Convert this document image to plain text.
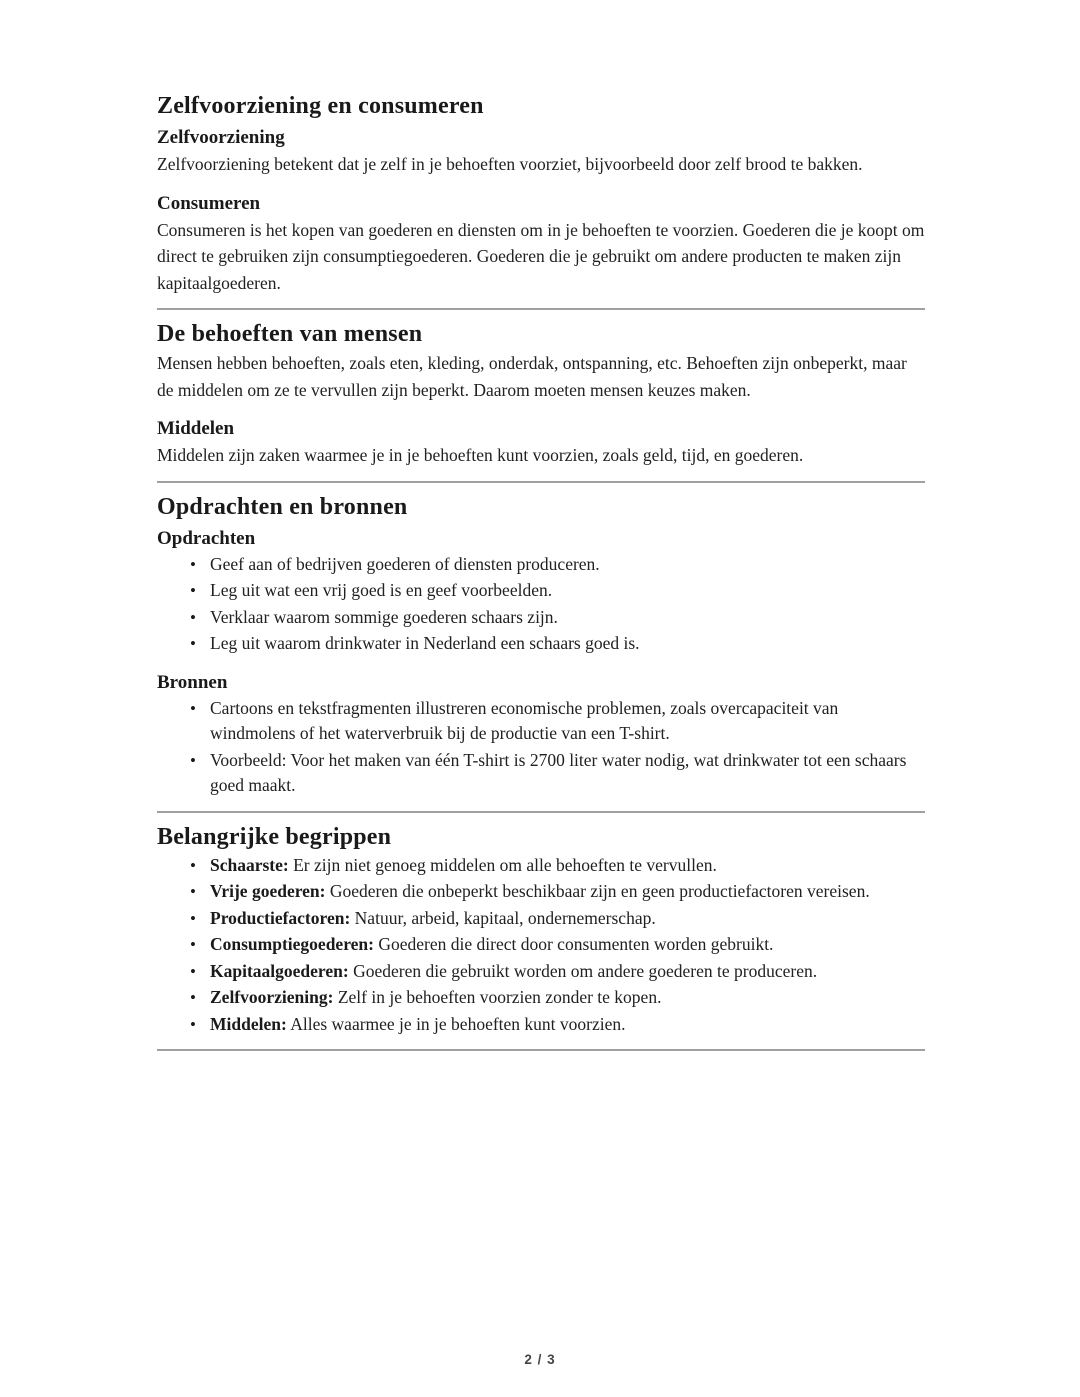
Zelfvoorziening en consumeren
Zelfvoorziening

Zelfvoorziening betekent dat je zelf in je behoeften voorziet, bijvoorbeeld door zelf brood te bakken.

Consumeren

Consumeren is het kopen van goederen en diensten om in je behoeften te voorzien. Goederen die je koopt om direct te gebruiken zijn consumptiegoederen. Goederen die je gebruikt om andere producten te maken zijn kapitaalgoederen.

De behoeften van mensen

Mensen hebben behoeften, zoals eten, kleding, onderdak, ontspanning, etc. Behoeften zijn onbeperkt, maar de middelen om ze te vervullen zijn beperkt. Daarom moeten mensen keuzes maken.

Middelen

Middelen zijn zaken waarmee je in je behoeften kunt voorzien, zoals geld, tijd, en goederen.

Opdrachten en bronnen
Opdrachten
• Geef aan of bedrijven goederen of diensten produceren.
• Leg uit wat een vrij goed is en geef voorbeelden.
• Verklaar waarom sommige goederen schaars zijn.
• Leg uit waarom drinkwater in Nederland een schaars goed is.
Bronnen
• Cartoons en tekstfragmenten illustreren economische problemen, zoals overcapaciteit van windmolens of het waterverbruik bij de productie van een T-shirt.
• Voorbeeld: Voor het maken van één T-shirt is 2700 liter water nodig, wat drinkwater tot een schaars goed maakt.
Belangrijke begrippen
• Schaarste: Er zijn niet genoeg middelen om alle behoeften te vervullen.
• Vrije goederen: Goederen die onbeperkt beschikbaar zijn en geen productiefactoren vereisen.
• Productiefactoren: Natuur, arbeid, kapitaal, ondernemerschap.
• Consumptiegoederen: Goederen die direct door consumenten worden gebruikt.
• Kapitaalgoederen: Goederen die gebruikt worden om andere goederen te produceren.
• Zelfvoorziening: Zelf in je behoeften voorzien zonder te kopen.
• Middelen: Alles waarmee je in je behoeften kunt voorzien.
2 / 3
